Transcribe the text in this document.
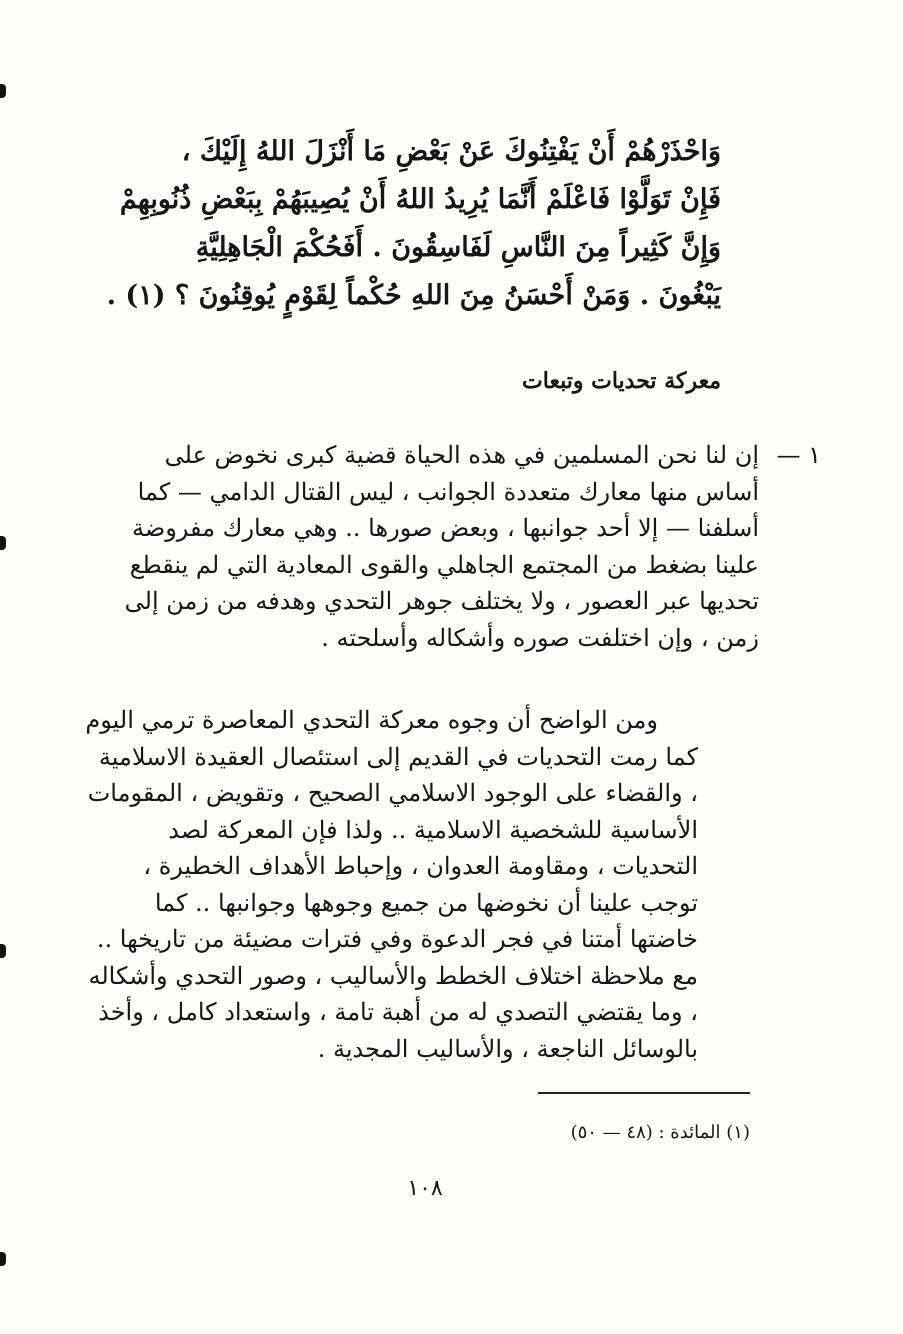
وَاحْذَرْهُمْ أَنْ يَفْتِنُوكَ عَنْ بَعْضِ مَا أَنْزَلَ اللهُ إِلَيْكَ ،

فَإِنْ تَوَلَّوْا فَاعْلَمْ أَنَّمَا يُرِيدُ اللهُ أَنْ يُصِيبَهُمْ بِبَعْضِ ذُنُوبِهِمْ

وَإِنَّ كَثِيراً مِنَ النَّاسِ لَفَاسِقُونَ . أَفَحُكْمَ الْجَاهِلِيَّةِ

يَبْغُونَ . وَمَنْ أَحْسَنُ مِنَ اللهِ حُكْماً لِقَوْمٍ يُوقِنُونَ ؟ (١) .

معركة تحديات وتبعات
١ —

إن لنا نحن المسلمين في هذه الحياة قضية كبرى نخوض على أساس منها معارك متعددة الجوانب ، ليس القتال الدامي — كما أسلفنا — إلا أحد جوانبها ، وبعض صورها .. وهي معارك مفروضة علينا بضغط من المجتمع الجاهلي والقوى المعادية التي لم ينقطع تحديها عبر العصور ، ولا يختلف جوهر التحدي وهدفه من زمن إلى زمن ، وإن اختلفت صوره وأشكاله وأسلحته .

ومن الواضح أن وجوه معركة التحدي المعاصرة ترمي اليوم كما رمت التحديات في القديم إلى استئصال العقيدة الاسلامية ، والقضاء على الوجود الاسلامي الصحيح ، وتقويض ، المقومات الأساسية للشخصية الاسلامية .. ولذا فإن المعركة لصد التحديات ، ومقاومة العدوان ، وإحباط الأهداف الخطيرة ، توجب علينا أن نخوضها من جميع وجوهها وجوانبها .. كما خاضتها أمتنا في فجر الدعوة وفي فترات مضيئة من تاريخها .. مع ملاحظة اختلاف الخطط والأساليب ، وصور التحدي وأشكاله ، وما يقتضي التصدي له من أهبة تامة ، واستعداد كامل ، وأخذ بالوسائل الناجعة ، والأساليب المجدية .

(١) المائدة : (٤٨ — ٥٠)

١٠٨
